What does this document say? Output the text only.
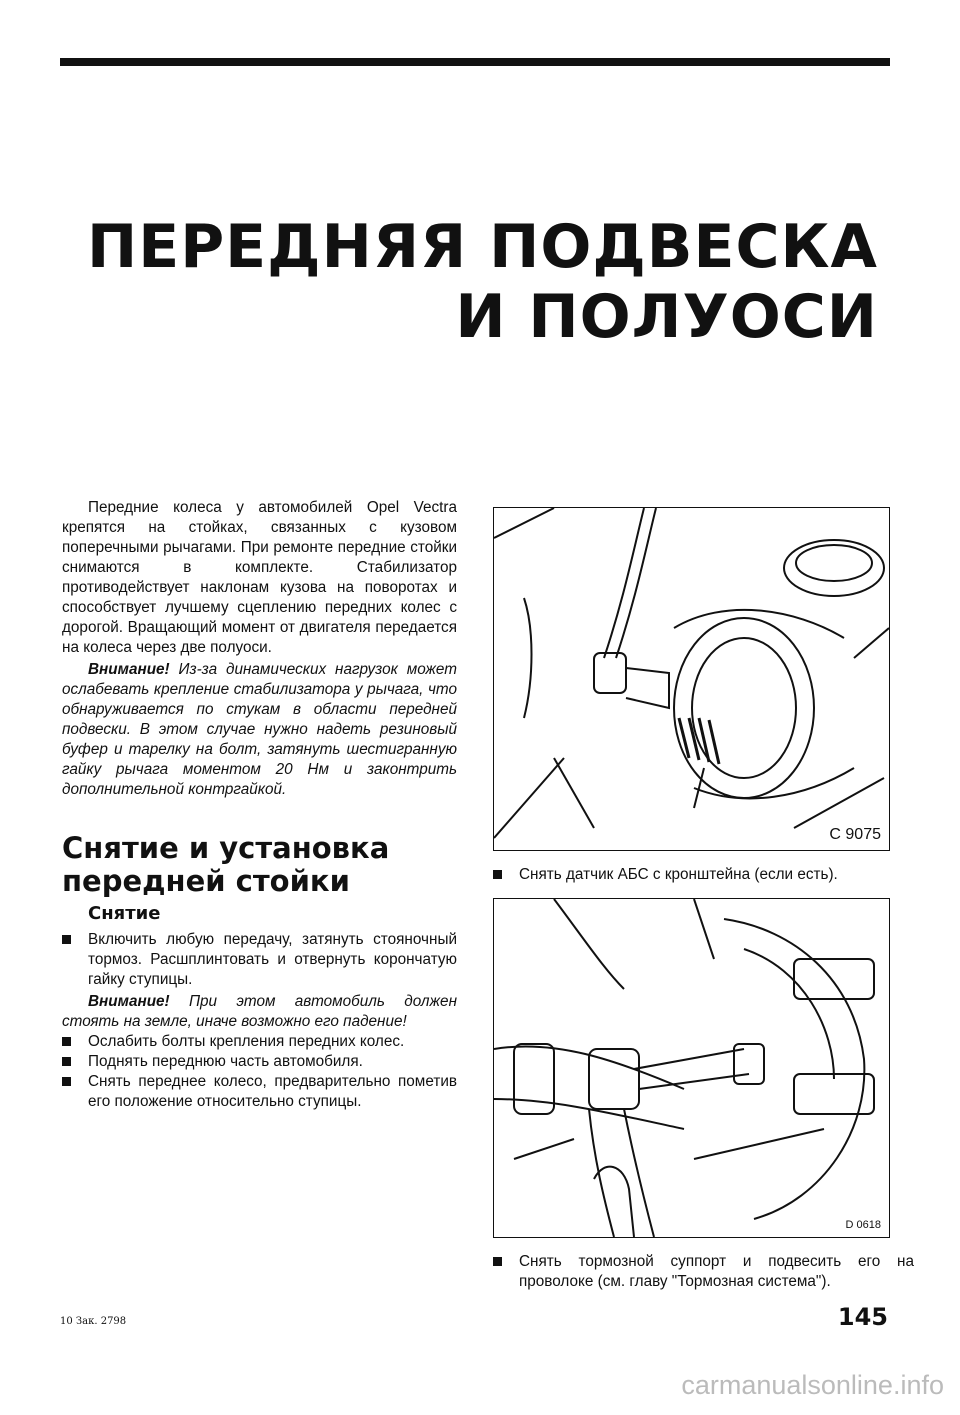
ПЕРЕДНЯЯ ПОДВЕСКА
И ПОЛУОСИ

Передние колеса у автомобилей Opel Vectra крепятся на стойках, связанных с кузовом поперечными рычагами. При ремонте передние стойки снимаются в комплекте. Стабилизатор противодействует наклонам кузова на поворотах и способствует лучшему сцеплению передних колес с дорогой. Вращающий момент от двигателя передается на колеса через две полуоси.

Внимание! Из-за динамических нагрузок может ослабевать крепление стабилизатора у рычага, что обнаруживается по стукам в области передней подвески. В этом случае нужно надеть резиновый буфер и тарелку на болт, затянуть шестигранную гайку рычага моментом 20 Нм и законтрить дополнительной контргайкой.

Снятие и установка
передней стойки
Снятие

Включить любую передачу, затянуть стояночный тормоз. Расшплинтовать и отвернуть корончатую гайку ступицы.

Внимание! При этом автомобиль должен стоять на земле, иначе возможно его падение!

Ослабить болты крепления передних колес.

Поднять переднюю часть автомобиля.

Снять переднее колесо, предварительно пометив его положение относительно ступицы.

C 9075
Снять датчик АБС с кронштейна (если есть).
D 0618
Снять тормозной суппорт и подвесить его на проволоке (см. главу "Тормозная система").
10 Зак. 2798	145
carmanualsonline.info
